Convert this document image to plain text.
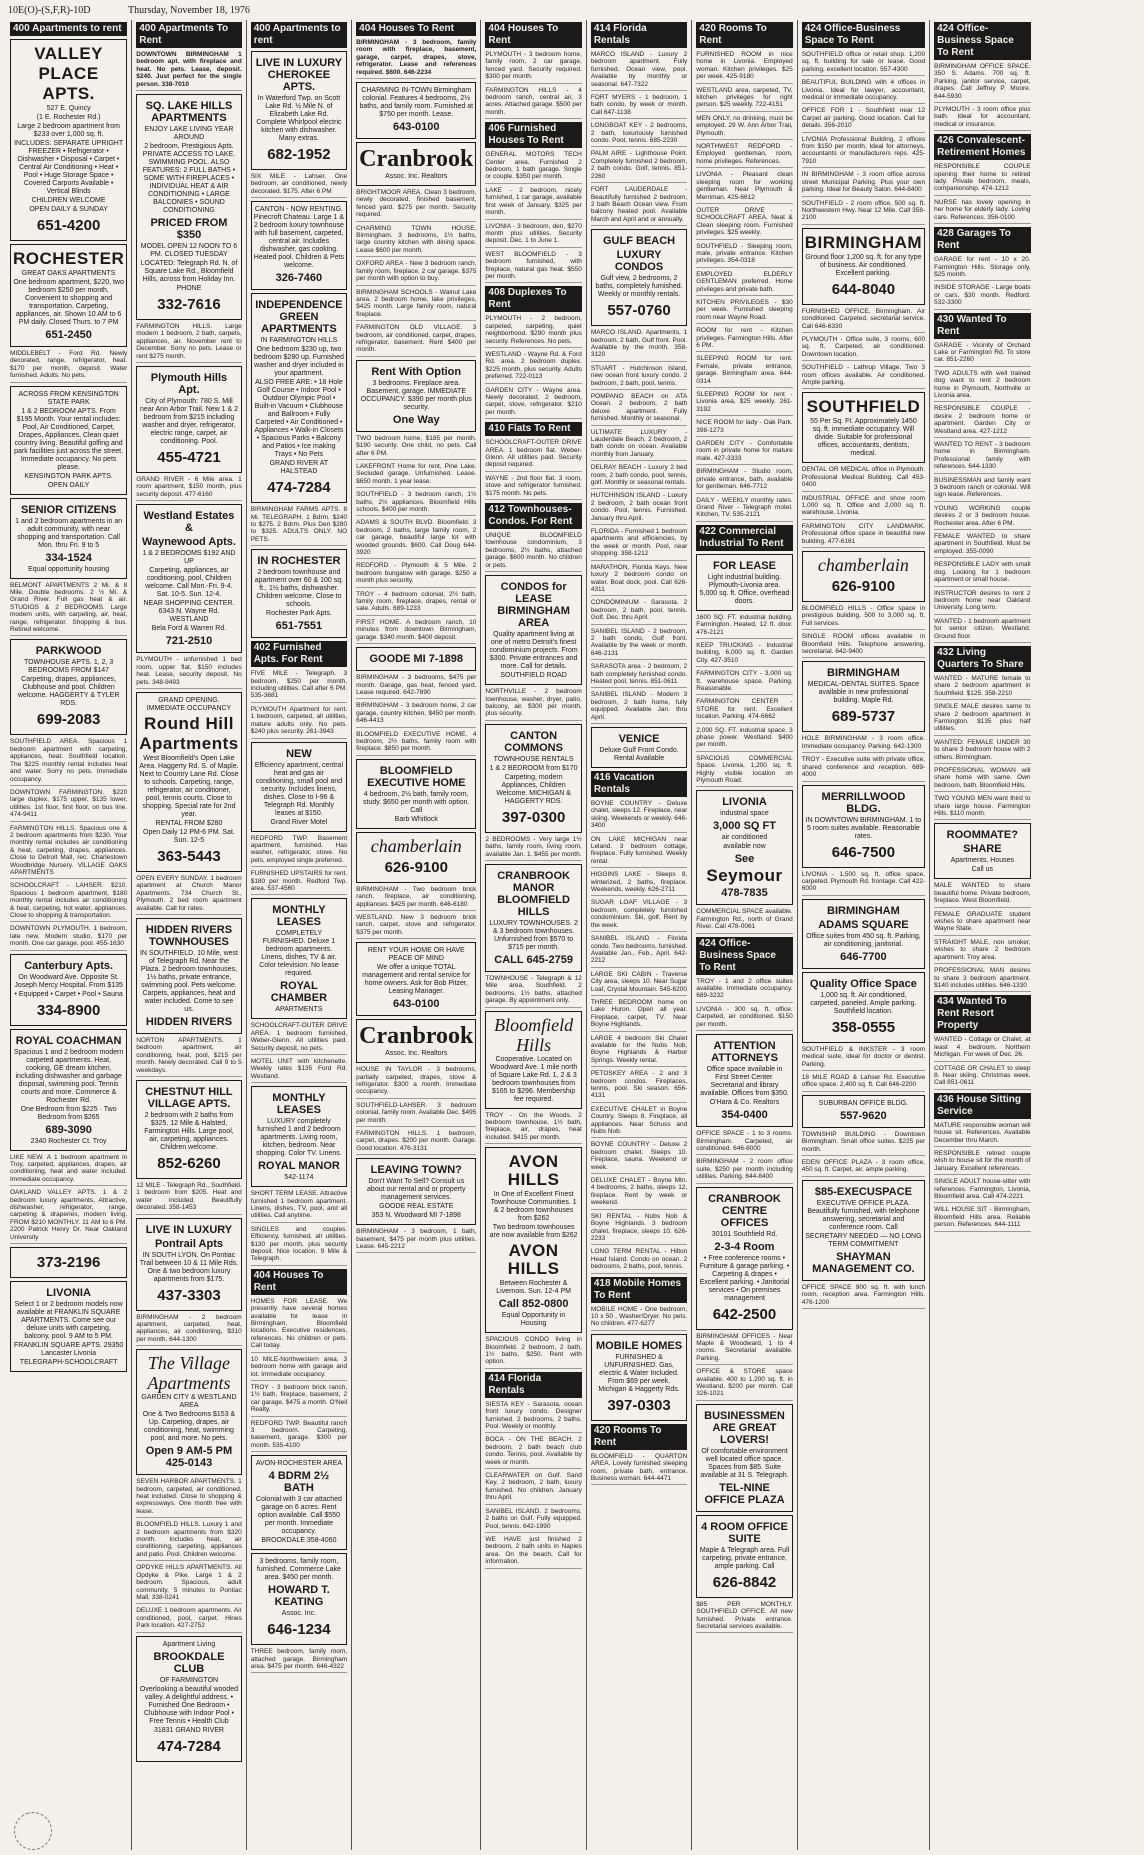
10E(O)-(S,F,R)-10D	Thursday, November 18, 1976
400 Apartments to rent
VALLEY
PLACE
APTS.
527 E. Quincy
(1 E. Rochester Rd.)
Large 2 bedroom apartment from $233 over 1,000 sq. ft.
INCLUDES: SEPARATE UPRIGHT FREEZER • Refrigerator • Dishwasher • Disposal • Carpet • Central Air Conditioning • Heat • Pool • Huge Storage Space • Covered Carports Available • Vertical Blinds
CHILDREN WELCOME
OPEN DAILY & SUNDAY
651-4200
ROCHESTER
GREAT OAKS APARTMENTS
One bedroom apartment, $220, two bedroom $250 per month. Convenient to shopping and transportation. Carpeting, appliances, air. Shown 10 AM to 6 PM daily. Closed Thurs. to 7 PM
651-2450
MIDDLEBELT - Ford Rd. Newly decorated, range, refrigerator, heat. $170 per month, deposit. Water furnished. Adults. No pets.
ACROSS FROM KENSINGTON STATE PARK
1 & 2 BEDROOM APTS. From $195 Month. Your rental includes: Pool, Air Conditioned, Carpet, Drapes, Appliances, Clean quiet country living. Beautiful golfing and park facilities just across the street. Immediate occupancy. No pets please.
KENSINGTON PARK APTS.
OPEN DAILY
SENIOR CITIZENS
1 and 2 bedroom apartments in an adult community, with near shopping and transportation. Call Mon. thru Fri. 9 to 5
334-1524
Equal opportunity housing
BELMONT APARTMENTS 2 Mi. & 8 Mile. Double bedrooms. 2 ½ Mi. & Grand River. Full gas heat & air. STUDIOS & 2 BEDROOMS. Large modern units, with carpeting, air, heat, range, refrigerator. Shopping & bus. Retired welcome.
PARKWOOD
TOWNHOUSE APTS. 1, 2, 3 BEDROOMS FROM $147
Carpeting, drapes, appliances, Clubhouse and pool. Children welcome. HAGGERTY & TYLER RDS.
699-2083
SOUTHFIELD AREA. Spacious 1 bedroom apartment with carpeting, appliances, heat. Southfield location. The $225 monthly rental includes heat and water. Sorry no pets. Immediate occupancy.
DOWNTOWN FARMINGTON. $220 large duplex, $175 upper, $135 lower, utilities. 1st floor, first floor, on bus line. 474-9411
FARMINGTON HILLS. Spacious one & 2 bedroom apartments from $230. Your monthly rental includes air conditioning & heat, carpeting, drapes, appliances. Close to Detroit Mall, rec. Charlestown Woodbridge Nursery. VILLAGE OAKS APARTMENTS
SCHOOLCRAFT - LAHSER. $210. Spacious 1 bedroom apartment, $180 monthly rental includes air conditioning & heat, carpeting, hot water, appliances. Close to shopping & transportation.
DOWNTOWN PLYMOUTH. 1 bedroom, late new. Modern studio, $170 per month. One car garage, pool. 455-1630
Canterbury Apts.
On Woodward Ave. Opposite St. Joseph Mercy Hospital. From $135
• Equipped • Carpet • Pool • Sauna
334-8900
ROYAL COACHMAN
Spacious 1 and 2 bedroom modern carpeted apartments. Heat, cooking, GE dream kitchen, including dishwasher and garbage disposal, swimming pool. Tennis courts and more. Commerce & Rochester Rd.
One Bedroom from $225 · Two Bedroom from $265
689-3090
2340 Rochester Ct. Troy
LIKE NEW. A 1 bedroom apartment in Troy, carpeted, appliances, drapes, air conditioning, heat and water included. Immediate occupancy.
OAKLAND VALLEY APTS. 1 & 2 bedroom luxury apartments. Attractive, dishwasher, refrigerator, range, carpeting & draperies, modern living. FROM $210 MONTHLY. 11 AM to 6 PM. 2200 Patrick Henry Dr. Near Oakland University
373-2196
LIVONIA
Select 1 or 2 bedroom models now available at FRANKLIN SQUARE APARTMENTS. Come see our deluxe units with carpeting, balcony, pool. 9 AM to 5 PM.
FRANKLIN SQUARE APTS. 29350 Lancaster Livonia
TELEGRAPH-SCHOOLCRAFT
400 Apartments To Rent
DOWNTOWN BIRMINGHAM 1 bedroom apt. with fireplace and heat. No pets. Lease, deposit. $240. Just perfect for the single person. 338-7010
SQ. LAKE HILLS APARTMENTS
ENJOY LAKE LIVING YEAR AROUND
2 bedroom, Prestigious Apts. PRIVATE ACCESS TO LAKE. SWIMMING POOL. ALSO FEATURES: 2 FULL BATHS • SOME WITH FIREPLACES • INDIVIDUAL HEAT & AIR CONDITIONING • LARGE BALCONIES • SOUND CONDITIONING
PRICED FROM $350
MODEL OPEN 12 NOON TO 6 PM. CLOSED TUESDAY
LOCATED: Telegraph Rd. N. of Square Lake Rd., Bloomfield Hills, across from Holiday Inn.
PHONE
332-7616
FARMINGTON HILLS. Large modern 1 bedroom, 2 bath, carpets, appliances, air. November rent to December. Sorry no pets. Lease or rent $275 month.
Plymouth Hills Apt.
City of Plymouth: 780 S. Mill near Ann Arbor Trail. New 1 & 2 bedroom from $215 including washer and dryer, refrigerator, electric range, carpet, air conditioning. Pool.
455-4721
GRAND RIVER - 6 Mile area. 1 room apartment, $150 month, plus security deposit. 477-6160
Westland Estates &
Waynewood Apts.
1 & 2 BEDROOMS $192 AND UP
Carpeting, appliances, air conditioning, pool, Children welcome. Call Mon.-Fri. 9-4. Sat. 10-5. Sun. 12-4.
NEAR SHOPPING CENTER. 6343 N. Wayne Rd. WESTLAND
Bela Ford & Warren Rd.
721-2510
PLYMOUTH - unfurnished 1 bed room, upper flat, $150 includes heat. Lease, security deposit. No pets. 348-9493
GRAND OPENING. IMMEDIATE OCCUPANCY
Round Hill
Apartments
West Bloomfield's Open Lake Area. Haggerty Rd. S. of Maple. Next to Country Lane Rd. Close to schools. Carpeting, range, refrigerator, air conditioner, pool, tennis courts. Close to shopping. Special rate for 2nd year.
RENTAL FROM $280
Open Daily 12 PM-6 PM. Sat. Sun. 12-5
363-5443
OPEN EVERY SUNDAY. 1 bedroom apartment at Church Manor Apartments. 734 Church St., Plymouth. 2 bed room apartment available. Call for rates.
HIDDEN RIVERS TOWNHOUSES
IN SOUTHFIELD. 10 Mile, west of Telegraph Rd. Near the Plaza. 2 bedroom townhouses, 1½ baths, private entrance, swimming pool. Pets welcome. Carpets, appliances, heat and water included. Come to see us.
HIDDEN RIVERS
NORTON APARTMENTS. 1 bedroom apartment, air conditioning, heat, pool, $215 per month. Newly decorated. Call 9 to 5 weekdays.
CHESTNUT HILL VILLAGE APTS.
2 bedroom with 2 baths from $325. 12 Mile & Halsted, Farmington Hills. Large pool, air, carpeting, appliances. Children welcome.
852-6260
12 MILE - Telegraph Rd., Southfield. 1 bedroom from $205. Heat and water included. Beautifully decorated. 358-1453
LIVE IN LUXURY
Pontrail Apts
IN SOUTH LYON. On Pontiac Trail between 10 & 11 Mile Rds. One & two bedroom luxury apartments from $175.
437-3303
BIRMINGHAM - 2 bedroom apartment, carpeted, heat, appliances, air conditioning, $310 per month. 644-1300
The Village
Apartments
GARDEN CITY & WESTLAND AREA
One & Two Bedrooms $153 & Up. Carpeting, drapes, air conditioning, heat, swimming pool, and more. No pets.
Open 9 AM-5 PM 425-0143
SEVEN HARBOR APARTMENTS. 1 bedroom, carpeted, air conditioned, heat included. Close to shopping & expressways. One month free with lease.
BLOOMFIELD HILLS. Luxury 1 and 2 bedroom apartments from $320 month. Includes heat, air conditioning, carpeting, appliances and patio. Pool. Children welcome.
OPDYKE HILLS APARTMENTS. All Opdyke & Pike. Large 1 & 2 bedroom. Spacious, adult community, 5 minutes to Pontiac Mall. 338-0241
DELUXE 1 bedroom apartments. Air conditioned, pool, carpet. Hines Park location. 427-2752
Apartment Living
BROOKDALE CLUB
OF FARMINGTON
Overlooking a beautiful wooded valley. A delightful address. • Furnished One Bedroom • Clubhouse with Indoor Pool • Free Tennis • Health Club
31831 GRAND RIVER
474-7284
400 Apartments to rent
LIVE IN LUXURY CHEROKEE APTS.
In Waterford Twp. on Scott Lake Rd. ½ Mile N. of Elizabeth Lake Rd. Complete Whirlpool electric kitchen with dishwasher. Many extras.
682-1952
SIX MILE - Lahser. One bedroom, air conditioned, newly decorated. $175. After 6 PM
CANTON - NOW RENTING. Pinecroft Chateau. Large 1 & 2 bedroom luxury townhouse with full basement, carpeted, central air. Includes dishwasher, gas cooking. Heated pool. Children & Pets welcome.
326-7460
INDEPENDENCE GREEN APARTMENTS
IN FARMINGTON HILLS
One bedroom $230 up, two bedroom $280 up. Furnished washer and dryer included in your apartment.
ALSO FREE ARE: • 18 Hole Golf Course • Indoor Pool • Outdoor Olympic Pool • Built-in Vacuum • Clubhouse and Ballroom • Fully Carpeted • Air Conditioned • Appliances • Walk-in Closets • Spacious Parks • Balcony and Patios • Ice making Trays • No Pets
GRAND RIVER AT HALSTEAD
474-7284
BIRMINGHAM FARMS APTS. 8 Mi. TELEGRAPH. 1 Bdrm. $240 to $275. 2 Bdrm. Plus Den $280 to $325. ADULTS ONLY. NO PETS.
IN ROCHESTER
2 bedroom townhouse and apartment over 60 & 100 sq. ft., 1½ baths, dishwasher. Children welcome. Close to schools.
Rochester Park Apts.
651-7551
402 Furnished Apts. For Rent
FIVE MILE - Telegraph. 3 bedroom, $250 per month, including utilities. Call after 6 PM. 535-3681
PLYMOUTH Apartment for rent. 1 bedroom, carpeted, all utilities, mature adults only. No pets. $240 plus security. 261-3943
NEW
Efficiency apartment, central heat and gas air conditioning, small pool and security. Includes linens, dishes. Close to I-96 & Telegraph Rd. Monthly leases at $150.
Grand River Motel
REDFORD TWP. Basement apartment, furnished. Has washer, refrigerator, stove. No pets, employed single preferred.
FURNISHED UPSTAIRS for rent. $180 per month. Redford Twp. area. 537-4560
MONTHLY LEASES
COMPLETELY FURNISHED. Deluxe 1 bedroom apartments. Linens, dishes, TV & air. Color television. No lease required.
ROYAL CHAMBER
APARTMENTS
SCHOOLCRAFT-OUTER DRIVE AREA. 1 bedroom furnished, Weber-Glenn. All utilities paid. Security deposit, no pets.
MOTEL UNIT with kitchenette. Weekly rates $135 Ford Rd. Westland.
MONTHLY LEASES
LUXURY completely furnished 1 and 2 bedroom apartments. Living room, kitchen, bedroom. Near shopping. Color TV. Linens.
ROYAL MANOR
542-1174
SHORT TERM LEASE. Attractive furnished 1 bedroom apartment. Linens, dishes, TV, pool, and all utilities. Call anytime.
SINGLES and couples. Efficiency, furnished, all utilities. $130 per month, plus security deposit. Nice location. 9 Mile & Telegraph.
404 Houses To Rent
HOMES FOR LEASE. We presently have several homes available for lease in Birmingham, Bloomfield locations. Executive residences, references. No children or pets. Call today.
10 MILE-Northwestern area. 3 bedroom home with garage and lot. Immediate occupancy.
TROY - 3 bedroom brick ranch, 1½ bath, fireplace, basement, 2 car garage, $475 a month. O'Neil Realty.
REDFORD TWP. Beautiful ranch 3 bedroom. Carpeting, basement, garage. $300 per month. 535-4100
AVON-ROCHESTER AREA
4 BDRM 2½ BATH
Colonial with 3 car attached garage on 6 acres. Rent option available. Call $550 per month. Immediate occupancy.
BROOKDALE 358-4060
3 bedrooms, family room, furnished. Commerce Lake area. $450 per month.
HOWARD T. KEATING
Assoc. Inc.
646-1234
THREE bedroom, family room, attached garage. Birmingham area. $475 per month. 646-4322
404 Houses To Rent
BIRMINGHAM - 3 bedroom, family room with fireplace, basement, garage, carpet, drapes, stove, refrigerator. Lease and references required. $600. 646-2234
CHARMING IN-TOWN Birmingham colonial. Features 4 bedrooms, 2½ baths, and family room. Furnished at $750 per month. Lease.
643-0100
Cranbrook
Assoc. Inc. Realtors
BRIGHTMOOR AREA. Clean 3 bedroom, newly decorated, finished basement, fenced yard. $275 per month. Security required.
CHARMING TOWN HOUSE, Birmingham. 3 bedrooms, 1½ baths, large country kitchen with dining space. Lease $600 per month.
OXFORD AREA - New 3 bedroom ranch, family room, fireplace, 2 car garage. $375 per month with option to buy.
BIRMINGHAM SCHOOLS - Walnut Lake area. 2 bedroom home, lake privileges, $425 month. Large family room, natural fireplace.
FARMINGTON OLD VILLAGE. 3 bedroom, air conditioned, carpet, drapes, refrigerator, basement. Rent $400 per month.
Rent With Option
3 bedrooms. Fireplace area. Basement, garage. IMMEDIATE OCCUPANCY. $390 per month plus security.
One Way
TWO bedroom home, $185 per month. $190 security. One child, no pets. Call after 6 PM.
LAKEFRONT Home for rent, Pine Lake. Secluded garage. Unfurnished. Lease. $650 month. 1 year lease.
SOUTHFIELD - 3 bedroom ranch, 1½ baths, 2½ appliances. Bloomfield Hills schools. $400 per month.
ADAMS & SOUTH BLVD. Bloomfield. 3 bedroom, 2 baths, large family room, 2 car garage, beautiful large lot with wooded grounds. $600. Call Doug 644-3920
REDFORD - Plymouth & 5 Mile. 2 bedroom bungalow with garage. $250 a month plus security.
TROY - 4 bedroom colonial, 2½ bath, family room, fireplace, drapes, rental or sale. Adults. 689-1233
FIRST HOME. A bedroom ranch, 10 minutes from downtown Birmingham, garage. $340 month. $400 deposit.
GOODE MI 7-1898
BIRMINGHAM - 3 bedrooms, $475 per month. Garage, gas heat, fenced yard. Lease required. 642-7890
BIRMINGHAM - 3 bedroom home, 2 car garage, country kitchen, $450 per month. 646-4413
BLOOMFIELD EXECUTIVE HOME. 4 bedroom, 2½ baths, family room with fireplace. $850 per month.
BLOOMFIELD EXECUTIVE HOME
4 bedroom, 2½ bath, family room, study. $650 per month with option. Call
Barb Whitlock
chamberlain
626-9100
BIRMINGHAM - Two bedroom brick ranch, fireplace, air conditioning, appliances. $425 per month. 646-6180
WESTLAND. New 3 bedroom brick ranch, carpet, stove and refrigerator. $375 per month.
RENT YOUR HOME OR HAVE PEACE OF MIND
We offer a unique TOTAL management and rental service for home owners. Ask for Bob Pitzer, Leasing Manager.
643-0100
Cranbrook
Assoc. Inc. Realtors
HOUSE IN TAYLOR - 3 bedrooms, partially carpeted, drapes, stove & refrigerator. $300 a month. Immediate occupancy.
SOUTHFIELD-LAHSER. 3 bedroom colonial, family room. Available Dec. $495 per month.
FARMINGTON HILLS. 1 bedroom, carpet, drapes. $200 per month. Garage. Good location. 476-3131
LEAVING TOWN?
Don't Want To Sell? Consult us about our rental and or property management services.
GOODE REAL ESTATE
353 N. Woodward MI 7-1898
BIRMINGHAM - 3 bedroom, 1 bath, basement, $475 per month plus utilities. Lease. 645-2212
404 Houses To Rent
PLYMOUTH - 3 bedroom home, family room, 2 car garage, fenced yard. Security required. $300 per month.
FARMINGTON HILLS - 4 bedroom ranch, central air, 3 acres. Attached garage. $500 per month.
406 Furnished Houses To Rent
GENERAL MOTORS TECH Center area. Furnished 2 bedroom, 1 bath garage. Single or couple. $350 per month.
LAKE - 2 bedroom, nicely furnished, 1 car garage, available first week of January. $325 per month.
LIVONIA - 3 bedroom, den, $270 month plus utilities. Security deposit. Dec. 1 to June 1.
WEST BLOOMFIELD - 3 bedroom furnished, with fireplace, natural gas heat. $550 per month.
408 Duplexes To Rent
PLYMOUTH - 2 bedroom, carpeted, carpeting, quiet neighborhood. $290 month plus security. References. No pets.
WESTLAND - Wayne Rd. & Ford Rd. area. 2 bedroom duplex. $225 month, plus security. Adults preferred. 722-0113
GARDEN CITY - Wayne area. Newly decorated, 2 bedroom, carpet, stove, refrigerator. $210 per month.
410 Flats To Rent
SCHOOLCRAFT-OUTER DRIVE AREA. 1 bedroom flat. Weber-Glenn. All utilities paid. Security deposit required.
WAYNE - 2nd floor flat. 3 room, stove and refrigerator furnished. $175 month. No pets.
412 Townhouses-Condos. For Rent
UNIQUE BLOOMFIELD townhouse condominium, 3 bedrooms, 2½ baths, attached garage. $600 month. No children or pets.
CONDOS for LEASE BIRMINGHAM AREA
Quality apartment living at one of metro Detroit's finest condominium projects. From $300. Private entrances and more. Call for details.
SOUTHFIELD ROAD
NORTHVILLE - 2 bedroom townhouse, washer, dryer, patio, balcony, air. $300 per month, plus security.
CANTON COMMONS
TOWNHOUSE RENTALS
1 & 2 BEDROOM from $170
Carpeting, modern Appliances, Children Welcome. MICHIGAN & HAGGERTY RDS.
397-0300
2 BEDROOMS - Very large 1½ baths, family room, living room, available Jan. 1. $455 per month.
CRANBROOK MANOR BLOOMFIELD HILLS
LUXURY TOWNHOUSES. 2 & 3 bedroom townhouses. Unfurnished from $570 to $715 per month.
CALL 645-2759
TOWNHOUSE - Telegraph & 12 Mile area, Southfield. 2 bedrooms, 1½ baths, attached garage. By appointment only.
Bloomfield Hills
Cooperative. Located on Woodward Ave. 1 mile north of Square Lake Rd. 1, 2 & 3 bedroom townhouses from $165 to $296. Membership fee required.
TROY - On the Woods. 2 bedroom townhouse, 1½ bath, fireplace, air, drapes, heat included. $415 per month.
AVON HILLS
In One of Excellent Finest Townhouse Communities. 1 & 2 bedroom townhouses from $262
Two bedroom townhouses are now available from $262
AVON HILLS
Between Rochester & Livernois. Sun. 12-4 PM
Call 852-0800
Equal Opportunity in Housing
SPACIOUS CONDO living in Bloomfield. 2 bedroom, 2 bath, 1½ baths, $250. Rent with option.
414 Florida Rentals
SIESTA KEY - Sarasota, ocean front luxury condo. Designer furnished. 2 bedrooms, 2 baths. Pool. Weekly or monthly.
BOCA - ON THE BEACH. 2 bedroom, 2 bath beach club condo. Tennis, pool. Available by week or month.
CLEARWATER on Gulf. Sand Key. 2 bedroom, 2 bath, luxury furnished. No children. January thru April.
SANIBEL ISLAND. 2 bedrooms, 2 baths on Gulf. Fully equipped. Pool, tennis. 642-1990
WE HAVE just finished 2 bedroom, 2 bath units in Naples area. On the beach. Call for information.
414 Florida Rentals
MARCO ISLAND - Luxury 2 bedroom apartment. Fully furnished. Ocean view, pool. Available by monthly or seasonal. 647-7322
FORT MYERS - 1 bedroom, 1 bath condo, by week or month. Call 647-1138
LONGBOAT KEY - 2 bedrooms, 2 bath, luxuriously furnished condo. Pool, tennis. 685-2230
PALM AIRE - Lighthouse Point. Completely furnished 2 bedroom, 2 bath condo. Golf, tennis. 851-2260
FORT LAUDERDALE - Beautifully furnished 2 bedroom, 2 bath Beach Ocean view. From balcony heated pool. Available March and April and or annually.
GULF BEACH
LUXURY CONDOS
Gulf view, 2 bedrooms, 2 baths, completely furnished. Weekly or monthly rentals.
557-0760
MARCO ISLAND. Apartments, 1 bedroom, 2 bath, Gulf front. Pool. Available by the month. 358-3120
STUART - Hutchinson Island, new ocean front luxury condo. 2 bedroom, 2 bath, pool, tennis.
POMPANO BEACH on ATA Ocean. 2 bedroom, 2 bath deluxe apartment. Fully furnished. Monthly or seasonal.
ULTIMATE LUXURY - Lauderdale Beach. 2 bedroom, 2 bath condo on ocean. Available monthly from January.
DELRAY BEACH - Luxury 2 bed room, 2 bath condo, pool, tennis, golf. Monthly or seasonal rentals.
HUTCHINSON ISLAND - Luxury 2 bedroom, 2 bath ocean front condo. Pool, tennis. Furnished. January thru April.
FLORIDA - Furnished 1 bedroom apartments and efficiencies, by the week or month. Pool, near shopping. 358-1212
MARATHON, Florida Keys. New luxury 2 bedroom condo on water. Boat dock, pool. Call 626-4311
CONDOMINIUM - Sarasota. 2 bedroom, 2 bath, pool, tennis. Golf. Dec. thru April.
SANIBEL ISLAND - 2 bedroom, 2 bath condo, Gulf front. Available by the week or month. 646-2131
SARASOTA area - 2 bedroom, 2 bath completely furnished condo. Heated pool, tennis. 851-0611
SANIBEL ISLAND - Modern 3 bedroom, 2 bath home, fully equipped. Available Jan. thru April.
VENICE
Deluxe Gulf Front Condo. Rental Available
416 Vacation Rentals
BOYNE COUNTRY - Deluxe chalet, sleeps 12. Fireplace, near skiing. Weekends or weekly. 646-3400
ON LAKE MICHIGAN near Leland. 3 bedroom cottage, fireplace. Fully furnished. Weekly rental.
HIGGINS LAKE - Sleeps 8, winterized, 2 baths, fireplace. Weekends, weekly. 626-2711
SUGAR LOAF VILLAGE - 3 bedroom, completely furnished condominium. Ski, golf. Rent by the week.
SANIBEL ISLAND - Florida condo. Two bedrooms, furnished. Available Jan., Feb., April. 642-2212
LARGE SKI CABIN - Traverse City area, sleeps 10. Near Sugar Loaf, Crystal Mountain. 545-6200
THREE BEDROOM home on Lake Huron. Open all year. Fireplace, carpet, TV. Near Boyne Highlands.
LARGE 4 bedroom Ski Chalet available for the Nubs Nob, Boyne Highlands & Harbor Springs. Weekly rental.
PETOSKEY AREA - 2 and 3 bedroom condos. Fireplaces, tennis, pool. Ski season. 656-4131
EXECUTIVE CHALET in Boyne Country. Sleeps 8. Fireplace, all appliances. Near Schuss and Nubs Nob.
BOYNE COUNTRY - Deluxe 2 bedroom chalet. Sleeps 10. Fireplace, sauna. Weekend or week.
DELUXE CHALET - Boyne Mtn. 4 bedrooms, 2 baths, sleeps 12, fireplace. Rent by week or weekend.
SKI RENTAL - Nubs Nob & Boyne Highlands. 3 bedroom chalet, fireplace, sleeps 10. 626-2233
LONG TERM RENTAL - Hilton Head Island. Condo on ocean. 2 bedrooms, 2 baths, pool, tennis.
418 Mobile Homes To Rent
MOBILE HOME - One bedroom, 10 x 50 , Washer/Dryer. No pets. No children. 477-6277
MOBILE HOMES
FURNISHED & UNFURNISHED. Gas, electric & Water Included. From $69 per week. Michigan & Haggerty Rds.
397-0303
420 Rooms To Rent
BLOOMFIELD - QUARTON AREA. Lovely furnished sleeping room, private bath, entrance. Business woman. 644-4471
420 Rooms To Rent
FURNISHED ROOM in nice home in Livonia. Employed woman. Kitchen privileges. $25 per week. 425-9180
WESTLAND area, carpeted, TV, kitchen privileges for right person. $25 weekly. 722-4151
MEN ONLY, no drinking, must be employed. 29 W. Ann Arbor Trail, Plymouth.
NORTHWEST REDFORD - Employed gentleman, room, home privileges. References.
LIVONIA - Pleasant clean sleeping room for working gentleman. Near Plymouth & Merriman. 425-6612
OUTER DRIVE - SCHOOLCRAFT AREA. Neat & Clean sleeping room. Furnished privileges. $25 weekly.
SOUTHFIELD - Sleeping room, male, private entrance. Kitchen privileges. 354-0318
EMPLOYED ELDERLY GENTLEMAN preferred. Home privileges and private bath.
KITCHEN PRIVILEGES - $30 per week. Furnished sleeping room near Wayne Road.
ROOM for rent - Kitchen privileges. Farmington Hills. After 6 PM.
SLEEPING ROOM for rent. Female, private entrance, garage. Birmingham area. 644-0314
SLEEPING ROOM for rent - Livonia area, $25 weekly. 261-3192
NICE ROOM for lady - Oak Park. 398-1273
GARDEN CITY - Comfortable room in private home for mature male. 427-3333
BIRMINGHAM - Studio room, private entrance, bath, available for gentleman. 646-7712
DAILY - WEEKLY monthly rates. Grand River - Telegraph motel. Kitchen, TV. 535-2121
422 Commercial Industrial To Rent
FOR LEASE
Light industrial building. Plymouth-Livonia area. 5,000 sq. ft. Office, overhead doors.
1600 SQ. FT. industrial building. Farmington. Heated, 12 ft. door. 476-2121
KEEP TRUCKING - Industrial building, 6,000 sq. ft. Garden City. 427-3510
FARMINGTON CITY - 3,000 sq. ft. warehouse space. Parking. Reasonable.
FARMINGTON CENTER - STORE for rent. Excellent location. Parking. 474-6662
2,000 SQ. FT. industrial space. 3 phase power. Westland. $400 per month.
SPACIOUS COMMERCIAL Space. Livonia. 1,200 sq. ft. Highly visible location on Plymouth Road.
LIVONIA
industrial space
3,000 SQ FT
air conditioned
available now
See
Seymour
478-7835
COMMERCIAL SPACE available. Farmington Rd., north of Grand River. Call 478-0061
424 Office-Business Space To Rent
TROY - 1 and 2 office suites available. Immediate occupancy. 689-3232
LIVONIA - 300 sq. ft. office. Carpeted, air conditioned. $150 per month.
ATTENTION ATTORNEYS
Office space available in First Street Center. Secretarial and library available. Offices from $350.
O'Hara & Co. Realtors
354-0400
OFFICE SPACE - 1 to 3 rooms. Birmingham. Carpeted, air conditioned. 646-8000
BIRMINGHAM - 2 room office suite, $250 per month including utilities. Parking. 644-8400
CRANBROOK CENTRE OFFICES
30101 Southfield Rd.
2-3-4 Room
• Free conference rooms • Furniture & garage parking. • Carpeting & drapes • Excellent parking. • Janitorial services • On premises management
642-2500
BIRMINGHAM OFFICES - Near Maple & Woodward, 1 to 4 rooms. Secretarial available. Parking.
OFFICE & STORE space available. 400 to 1,200 sq. ft. in Westland. $200 per month. Call 326-1021
BUSINESSMEN ARE GREAT LOVERS!
Of comfortable environment well located office space. Spaces from $85. Suite available at 31 S. Telegraph.
TEL-NINE OFFICE PLAZA
4 ROOM OFFICE SUITE
Maple & Telegraph area. Full carpeting, private entrance, ample parking. Call
626-8842
$85 PER MONTHLY. SOUTHFIELD OFFICE. All new furnished. Private entrance. Secretarial services available.
424 Office-Business Space To Rent
SOUTHFIELD office or retail shop. 1,200 sq. ft. building for sale or lease. Good parking, excellent location. 557-4300
BEAUTIFUL BUILDING with 4 offices in Livonia. Ideal for lawyer, accountant, medical or immediate occupancy.
OFFICE FOR 1 - Southfield near 12 Carpet air parking. Good location. Call for details. 356-2010
LIVONIA Professional Building, 2 offices from $150 per month. Ideal for attorneys, accountants or manufacturers reps. 425-7910
IN BIRMINGHAM - 3 room office across street Municipal Parking. Plus your own parking. Ideal for Beauty Salon. 644-8400
SOUTHFIELD - 2 room office, 500 sq. ft. Northwestern Hwy. Near 12 Mile. Call 358-2100
BIRMINGHAM
Ground floor 1,200 sq. ft. for any type of business. Air conditioned. Excellent parking.
644-8040
FURNISHED OFFICE, Birmingham. Air conditioned. Carpeted, secretarial service. Call 646-6330
PLYMOUTH - Office suite, 3 rooms, 600 sq. ft. Carpeted, air conditioned. Downtown location.
SOUTHFIELD - Lathrup Village. Two 3 room offices available. Air conditioned. Ample parking.
SOUTHFIELD
55 Per Sq. Ft. Approximately 1450 sq. ft. immediate occupancy. Will divide. Suitable for professional offices, accountants, dentists, medical.
DENTAL OR MEDICAL office in Plymouth. Professional Medical Building. Call 453-0400
INDUSTRIAL OFFICE and show room 1,000 sq. ft. Office and 2,000 sq. ft. warehouse. Livonia.
FARMINGTON CITY LANDMARK. Professional office space in beautiful new building. 477-6161
chamberlain
626-9100
BLOOMFIELD HILLS - Office space in prestigious building. 500 to 3,000 sq. ft. Full services.
SINGLE ROOM offices available in Bloomfield Hills. Telephone answering, secretarial. 642-9400
BIRMINGHAM
MEDICAL-DENTAL SUITES. Space available in new professional building. Maple Rd.
689-5737
HOLE BIRMINGHAM - 3 room office. Immediate occupancy. Parking. 642-1300
TROY - Executive suite with private office, shared conference and reception. 689-4000
MERRILLWOOD BLDG.
IN DOWNTOWN BIRMINGHAM. 1 to 5 room suites available. Reasonable rates.
646-7500
LIVONIA - 1,500 sq. ft. office space, carpeted. Plymouth Rd. frontage. Call 422-6000
BIRMINGHAM
ADAMS SQUARE
Office suites from 450 sq. ft. Parking, air conditioning, janitorial.
646-7700
Quality Office Space
1,000 sq. ft. Air conditioned, carpeted, paneled. Ample parking. Southfield location.
358-0555
SOUTHFIELD & INKSTER - 3 room medical suite, ideal for doctor or dentist. Parking.
18 MILE ROAD & Lahser Rd. Executive office space. 2,400 sq. ft. Call 646-2200
SUBURBAN OFFICE BLDG.
557-9620
TOWNSHIP BUILDING - Downtown Birmingham. Small office suites. $225 per month.
EDEN OFFICE PLAZA - 3 room office, 450 sq. ft. Carpet, air, ample parking.
$85-EXECUSPACE
EXECUTIVE OFFICE PLAZA. Beautifully furnished, with telephone answering, secretarial and conference room. Call
SECRETARY NEEDED — NO LONG TERM COMMITMENT
SHAYMAN MANAGEMENT CO.
OFFICE SPACE 900 sq. ft. with lunch room, reception area. Farmington Hills. 476-1200
424 Office-Business Space To Rent
BIRMINGHAM OFFICE SPACE. 350 S. Adams. 700 sq. ft. Parking, janitor service, carpet, drapes. Call Jeffrey P. Moore. 644-5930
PLYMOUTH - 3 room office plus bath. Ideal for accountant, medical or insurance.
426 Convalescent-Retirement Homes
RESPONSIBLE COUPLE opening their home to retired lady. Private bedroom, meals, companionship. 474-1212
NURSE has lovely opening in her home for elderly lady. Loving care. References. 356-0100
428 Garages To Rent
GARAGE for rent - 10 x 20. Farmington Hills. Storage only. $25 month.
INSIDE STORAGE - Large boats or cars, $30 month. Redford. 532-3300
430 Wanted To Rent
GARAGE - Vicinity of Orchard Lake or Farmington Rd. To store car. 851-2260
TWO ADULTS with well trained dog want to rent 2 bedroom home in Plymouth, Northville or Livonia area.
RESPONSIBLE COUPLE - desire 2 bedroom home or apartment. Garden City or Westland area. 427-1212
WANTED TO RENT - 3 bedroom home in Birmingham. Professional family with references. 644-1330
BUSINESSMAN and family want 3 bedroom ranch or colonial. Will sign lease. References.
YOUNG WORKING couple desires 2 or 3 bedroom house. Rochester area. After 6 PM.
FEMALE WANTED to share apartment in Southfield. Must be employed. 355-0090
RESPONSIBLE LADY with small dog. Looking for 1 bedroom apartment or small house.
INSTRUCTOR desires to rent 2 bedroom home near Oakland University. Long term.
WANTED - 1 bedroom apartment for senior citizen. Westland. Ground floor.
432 Living Quarters To Share
WANTED - MATURE female to share 2 bedroom apartment in Southfield. $125. 358-2210
SINGLE MALE desires same to share 2 bedroom apartment in Farmington. $135 plus half utilities.
WANTED: FEMALE UNDER 30 to share 3 bedroom house with 2 others. Birmingham.
PROFESSIONAL WOMAN will share home with same. Own bedroom, bath. Bloomfield Hills.
TWO YOUNG MEN want third to share large house. Farmington Hills. $110 month.
ROOMMATE?
SHARE
Apartments, Houses
Call us
MALE WANTED to share beautiful home. Private bedroom, fireplace. West Bloomfield.
FEMALE GRADUATE student wishes to share apartment near Wayne State.
STRAIGHT MALE, non smoker, wishes to share 2 bedroom apartment. Troy area.
PROFESSIONAL MAN desires to share 3 bedroom apartment. $140 includes utilities. 646-1330
434 Wanted To Rent Resort Property
WANTED - Cottage or Chalet, at least 4 bedroom. Northern Michigan. For week of Dec. 26.
COTTAGE OR CHALET to sleep 8. Near skiing. Christmas week. Call 851-0611
436 House Sitting Service
MATURE responsible woman will house sit. References. Available December thru March.
RESPONSIBLE retired couple wish to house sit for the month of January. Excellent references.
SINGLE ADULT house-sitter with references. Farmington, Livonia, Bloomfield area. Call 474-2221
WILL HOUSE SIT - Birmingham, Bloomfield Hills area. Reliable person. References. 644-1111
